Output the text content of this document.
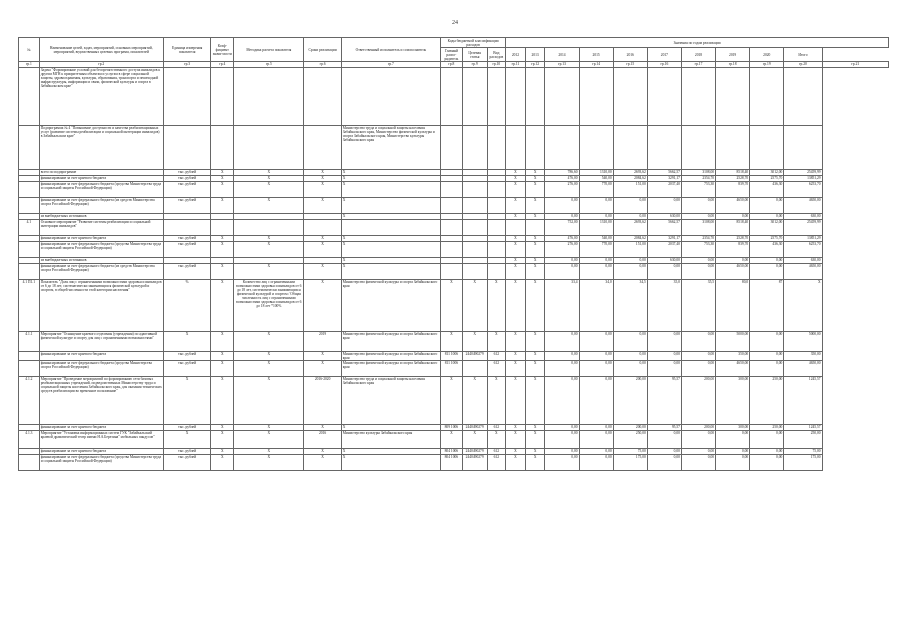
24
№	Наименование целей, задач, мероприятий, основных мероприятий, мероприятий, ведомственных целевых программ, показателей	Единица измерения показателя	Коэф-фициент значи-мости	Методика расчета показателя	Сроки реализации	Ответственный исполнитель и соисполнитель	Коды бюджетной классификации расходов			Значения по годам реализации										
							Главный распо-рядитель	Целевая статья	Вид расходов	2012	2013	2014	2015	2016	2017	2018	2019	2020	Итого	

гр.1	гр.2	гр.3	гр.4	гр.5	гр.6	гр.7	гр.8	гр.9	гр.10	гр.11	гр.12	гр.13	гр.14	гр.15	гр.16	гр.17	гр.18	гр.19	гр.20	гр.21
	Задача "Формирование условий для беспрепятственного доступа инвалидов к другим МГН к приоритетным объектам и услугам в сфере социальной защиты, здравоохранения, культуры, образования, транспорта и пешеходной инфраструктуры, информации и связи, физической культуры и спорта в Забайкальском крае"																			
	Подпрограмма № 4 "Повышение доступности и качества реабилитационных услуг (развитие системы реабилитации и социальной интеграции инвалидов) в Забайкальском крае"					Министерство труда и социальной защиты населения Забайкальского края, Министерство физической культуры и спорта Забайкальского края, Министерство культуры Забайкальского края														
	всего по подпрограмме	тыс. рублей	X	X	X	X				X	X	786,60	1310,00	2693,62	5662,57	3108,00	8518,40	3012,00	25459,99	
	финансирование за счет краевого бюджета	тыс. рублей	X	X	X	X				X	X	476,00	540,00	2084,62	3291,17	2354,70	2528,70	2575,70	13851,29	
	финансирование за счет федерального бюджета (средства Министерства труда и социальной защиты Российской Федерации)	тыс. рублей	X	X	X	X				X	X	276,00	770,00	151,00	2037,40	753,30	839,70	436,30	6253,70	
	финансирование за счет федерального бюджета (из средств Министерства спорта Российской Федерации)	тыс. рублей	X	X	X	X				X	X	0,00	0,00	0,00	0,00	0,00	4650,00	0,00	4650,00	
	из внебюджетных источников					X				X	X	0,00	0,00	0,00	630,00	0,00	0,00	0,00	630,00	
4.1	Основное мероприятие "Развитие системы реабилитации и социальной интеграции инвалидов"											752,00	1310,00	2693,62	5662,57	3108,00	8518,40	3012,00	25459,99	
	финансирование за счет краевого бюджета	тыс. рублей	X	X	X	X				X	X	476,00	540,00	2084,62	3291,17	2354,70	2528,70	2575,70	13851,29	
	финансирование за счет федерального бюджета (средства Министерства труда и социальной защиты Российской Федерации)	тыс. рублей	X	X	X	X				X	X	276,00	770,00	151,00	2037,40	753,30	839,70	436,30	6253,70	
	из внебюджетных источников					X				X	X	0,00	0,00	0,00	630,00	0,00	0,00	0,00	630,00	
	финансирование за счет федерального бюджета (из средств Министерства спорта Российской Федерации)	тыс. рублей	X	X	X	X				X	X	0,00	0,00	0,00	0,00	0,00	4650,00	0,00	4650,00	
4.1 П1.1	Показатель "Доля лиц с ограниченными возможностями здоровья и инвалидов от 6 до 18 лет, систематически занимающихся физической культурой и спортом, в общей численности этой категории населения"	%	X	Количество лиц с ограниченными возможностями здоровья и инвалидов от 6 до 18 лет, систематически занимающихся физической культурой и спортом / Общая численность лиц с ограниченными возможностями здоровья и инвалидов от 6 до 18 лет *100%	X	Министерство физической культуры и спорта Забайкальского края	X	X	X	X	X	33,4	34,0	34,5	35,0	35,5	80,0	87	X	
4.1.1	Мероприятие "Оснащение краевого отделения (учреждения) по адаптивной физической культуре и спорту для лиц с ограниченными возможностями"	X	X	X	2019	Министерство физической культуры и спорта Забайкальского края	X	X	X	X	X	0,00	0,00	0,00	0,00	0,00	5000,00	0,00	5000,00	
	финансирование за счет краевого бюджета	тыс. рублей	X	X	X	Министерство физической культуры и спорта Забайкальского края	811 1006	2440490279	612	X	X	0,00	0,00	0,00	0,00	0,00	350,00	0,00	350,00	
	финансирование за счет федерального бюджета (средства Министерства спорта Российской Федерации)	тыс. рублей	X	X	X	Министерство физической культуры и спорта Забайкальского края	811 1006		612	X	X	0,00	0,00	0,00	0,00	0,00	4650,00	0,00	4650,00	
4.1.2	Мероприятие "Проведение мероприятий по формированию сети базовых реабилитационных учреждений, подведомственных Министерству труда и социальной защиты населения Забайкальского края, для оказания технических средств реабилитации во временное пользование"	X	X	X	2016-2020	Министерство труда и социальной защиты населения Забайкальского края	X	X	X	X	X	0,00	0,00	200,00	95,57	200,00	300,00	250,00	1245,57	
	финансирование за счет краевого бюджета	тыс. рублей	X	X	X	X	809 1006	2440490279	612	X	X	0,00	0,00	200,00	95,57	200,00	300,00	250,00	1245,57	
4.1.3	Мероприятие "Установка информационных систем ГУК "Забайкальский краевой драматический театр имени Н.А.Березина" мобильных пандусов"	X	X	X	2016	Министерство культуры Забайкальского края	X	X	X	X	X	0,00	0,00	250,00	0,00	0,00	0,00	0,00	250,00	
	финансирование за счет краевого бюджета	тыс. рублей	X	X	X	X	804 1006	2440490279	612	X	X	0,00	0,00	75,00	0,00	0,00	0,00	0,00	75,00	
	финансирование за счет федерального бюджета (средства Министерства труда и социальной защиты Российской Федерации)	тыс. рублей	X	X	X	X	804 1006	2440490279	612	X	X	0,00	0,00	175,00	0,00	0,00	0,00	0,00	175,00	
